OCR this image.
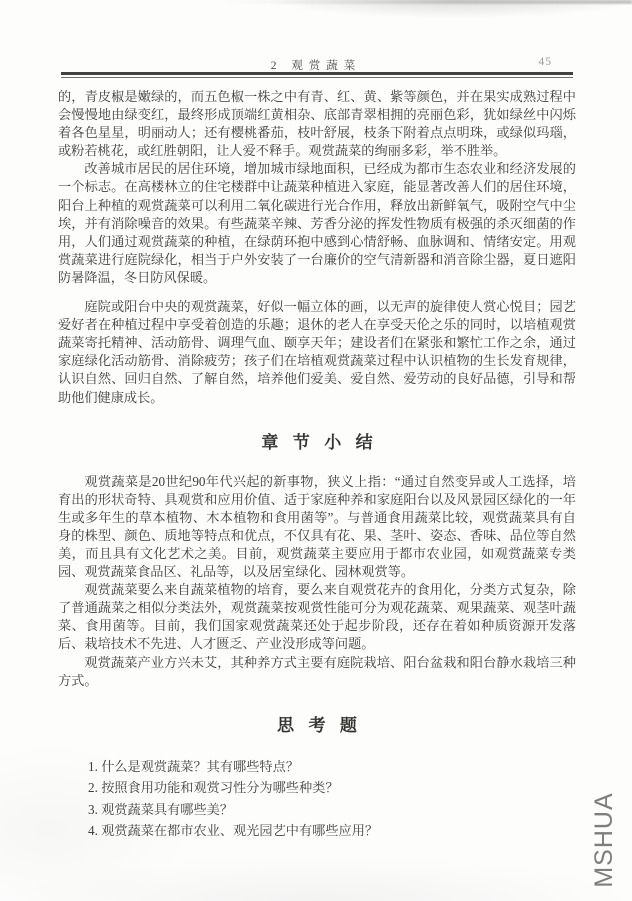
2 观赏蔬菜	45

的，青皮椒是嫩绿的，而五色椒一株之中有青、红、黄、紫等颜色，并在果实成熟过程中会慢慢地由绿变红，最终形成顶端红黄相杂、底部青翠相拥的亮丽色彩，犹如绿丝中闪烁着各色星星，明丽动人；还有樱桃番茄，枝叶舒展，枝条下附着点点明珠，或绿似玛瑙，或粉若桃花，或红胜朝阳，让人爱不释手。观赏蔬菜的绚丽多彩，举不胜举。

改善城市居民的居住环境，增加城市绿地面积，已经成为都市生态农业和经济发展的一个标志。在高楼林立的住宅楼群中让蔬菜种植进入家庭，能显著改善人们的居住环境，阳台上种植的观赏蔬菜可以利用二氧化碳进行光合作用，释放出新鲜氧气，吸附空气中尘埃，并有消除噪音的效果。有些蔬菜辛辣、芳香分泌的挥发性物质有极强的杀灭细菌的作用，人们通过观赏蔬菜的种植，在绿荫环抱中感到心情舒畅、血脉调和、情绪安定。用观赏蔬菜进行庭院绿化，相当于户外安装了一台廉价的空气清新器和消音除尘器，夏日遮阳防暑降温，冬日防风保暖。

庭院或阳台中央的观赏蔬菜，好似一幅立体的画，以无声的旋律使人赏心悦目；园艺爱好者在种植过程中享受着创造的乐趣；退休的老人在享受天伦之乐的同时，以培植观赏蔬菜寄托精神、活动筋骨、调理气血、颐享天年；建设者们在紧张和繁忙工作之余，通过家庭绿化活动筋骨、消除疲劳；孩子们在培植观赏蔬菜过程中认识植物的生长发育规律，认识自然、回归自然、了解自然，培养他们爱美、爱自然、爱劳动的良好品德，引导和帮助他们健康成长。

章节小结

观赏蔬菜是20世纪90年代兴起的新事物，狭义上指：“通过自然变异或人工选择，培育出的形状奇特、具观赏和应用价值、适于家庭种养和家庭阳台以及风景园区绿化的一年生或多年生的草本植物、木本植物和食用菌等”。与普通食用蔬菜比较，观赏蔬菜具有自身的株型、颜色、质地等特点和优点，不仅具有花、果、茎叶、姿态、香味、品位等自然美，而且具有文化艺术之美。目前，观赏蔬菜主要应用于都市农业园，如观赏蔬菜专类园、观赏蔬菜食品区、礼品等，以及居室绿化、园林观赏等。

观赏蔬菜要么来自蔬菜植物的培育，要么来自观赏花卉的食用化，分类方式复杂，除了普通蔬菜之相似分类法外，观赏蔬菜按观赏性能可分为观花蔬菜、观果蔬菜、观茎叶蔬菜、食用菌等。目前，我们国家观赏蔬菜还处于起步阶段，还存在着如种质资源开发落后、栽培技术不先进、人才匮乏、产业没形成等问题。

观赏蔬菜产业方兴未艾，其种养方式主要有庭院栽培、阳台盆栽和阳台静水栽培三种方式。

思考题
1. 什么是观赏蔬菜？其有哪些特点？
2. 按照食用功能和观赏习性分为哪些种类？
3. 观赏蔬菜具有哪些美？
4. 观赏蔬菜在都市农业、观光园艺中有哪些应用？	MSHUA
